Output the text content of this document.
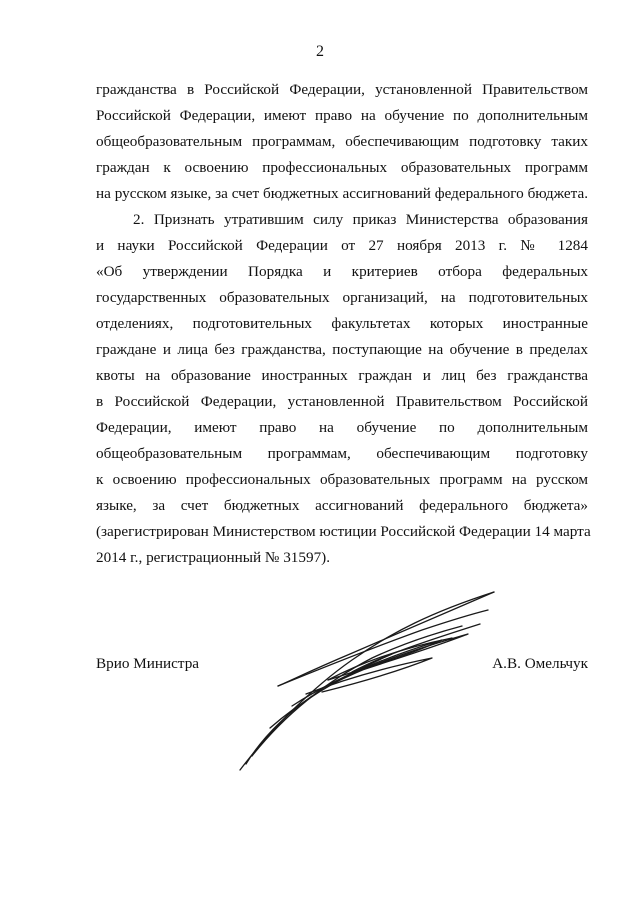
2
гражданства в Российской Федерации, установленной Правительством
Российской Федерации, имеют право на обучение по дополнительным
общеобразовательным программам, обеспечивающим подготовку таких
граждан к освоению профессиональных образовательных программ
на русском языке, за счет бюджетных ассигнований федерального бюджета.
2. Признать утратившим силу приказ Министерства образования
и науки Российской Федерации от 27 ноября 2013 г. № 1284
«Об утверждении Порядка и критериев отбора федеральных
государственных образовательных организаций, на подготовительных
отделениях, подготовительных факультетах которых иностранные
граждане и лица без гражданства, поступающие на обучение в пределах
квоты на образование иностранных граждан и лиц без гражданства
в Российской Федерации, установленной Правительством Российской
Федерации, имеют право на обучение по дополнительным
общеобразовательным программам, обеспечивающим подготовку
к освоению профессиональных образовательных программ на русском
языке, за счет бюджетных ассигнований федерального бюджета»
(зарегистрирован Министерством юстиции Российской Федерации 14 марта
2014 г., регистрационный № 31597).
Врио Министра	А.В. Омельчук
